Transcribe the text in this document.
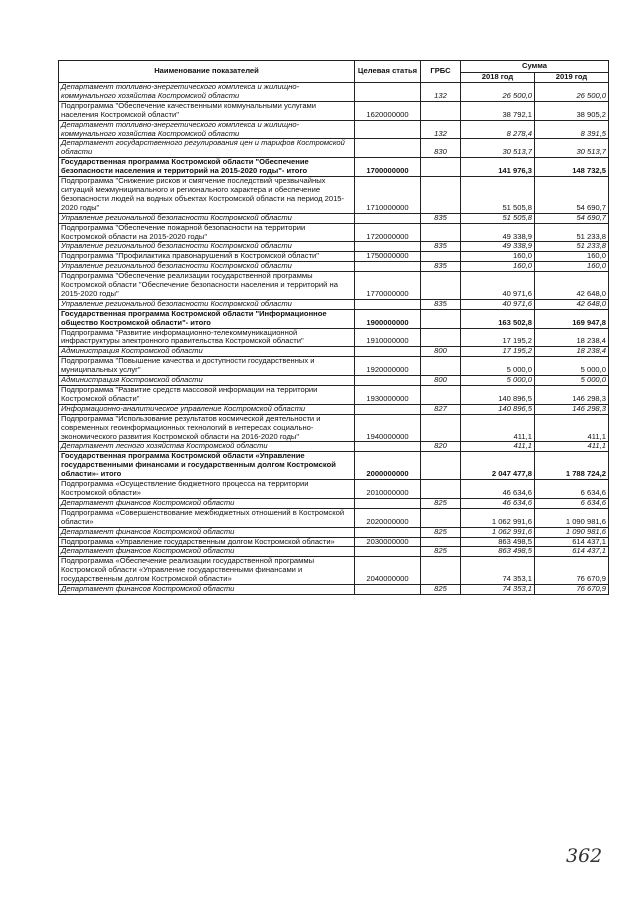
Наименование показателей	Целевая статья	ГРБС	Сумма	
			2018 год	2019 год
Департамент топливно-энергетического комплекса и жилищно-коммунального хозяйства Костромской области		132	26 500,0	26 500,0
Подпрограмма "Обеспечение качественными коммунальными услугами населения Костромской области"	1620000000		38 792,1	38 905,2
Департамент топливно-энергетического комплекса и жилищно-коммунального хозяйства Костромской области		132	8 278,4	8 391,5
Департамент государственного регулирования цен и тарифов Костромской области		830	30 513,7	30 513,7
Государственная программа Костромской области "Обеспечение безопасности населения и территорий на 2015-2020 годы"- итого	1700000000		141 976,3	148 732,5
Подпрограмма "Снижение рисков и смягчение последствий чрезвычайных ситуаций межмуниципального и регионального характера и обеспечение безопасности людей на водных объектах Костромской области на период 2015-2020 годы"	1710000000		51 505,8	54 690,7
Управление региональной безопасности Костромской области		835	51 505,8	54 690,7
Подпрограмма "Обеспечение пожарной безопасности на территории Костромской области на 2015-2020 годы"	1720000000		49 338,9	51 233,8
Управление региональной безопасности Костромской области		835	49 338,9	51 233,8
Подпрограмма "Профилактика правонарушений в Костромской области"	1750000000		160,0	160,0
Управление региональной безопасности Костромской области		835	160,0	160,0
Подпрограмма "Обеспечение реализации государственной программы Костромской области "Обеспечение безопасности населения и территорий на 2015-2020 годы"	1770000000		40 971,6	42 648,0
Управление региональной безопасности Костромской области		835	40 971,6	42 648,0
Государственная программа Костромской области "Информационное общество Костромской области"- итого	1900000000		163 502,8	169 947,8
Подпрограмма "Развитие информационно-телекоммуникационной инфраструктуры электронного правительства Костромской области"	1910000000		17 195,2	18 238,4
Администрация Костромской области		800	17 195,2	18 238,4
Подпрограмма "Повышение качества и доступности государственных и муниципальных услуг"	1920000000		5 000,0	5 000,0
Администрация Костромской области		800	5 000,0	5 000,0
Подпрограмма "Развитие средств массовой информации на территории Костромской области"	1930000000		140 896,5	146 298,3
Информационно-аналитическое управление Костромской области		827	140 896,5	146 298,3
Подпрограмма "Использование результатов космической деятельности и современных геоинформационных технологий в интересах социально-экономического развития Костромской области на 2016-2020 годы"	1940000000		411,1	411,1
Департамент лесного хозяйства Костромской области		820	411,1	411,1
Государственная программа Костромской области «Управление государственными финансами и государственным долгом Костромской области»- итого	2000000000		2 047 477,8	1 788 724,2
Подпрограмма «Осуществление бюджетного процесса на территории Костромской области»	2010000000		46 634,6	6 634,6
Департамент финансов Костромской области		825	46 634,6	6 634,6
Подпрограмма «Совершенствование межбюджетных отношений в Костромской области»	2020000000		1 062 991,6	1 090 981,6
Департамент финансов Костромской области		825	1 062 991,6	1 090 981,6
Подпрограмма «Управление государственным долгом Костромской области»	2030000000		863 498,5	614 437,1
Департамент финансов Костромской области		825	863 498,5	614 437,1
Подпрограмма «Обеспечение реализации государственной программы Костромской области «Управление государственными финансами и государственным долгом Костромской области»	2040000000		74 353,1	76 670,9
Департамент финансов Костромской области		825	74 353,1	76 670,9
362
